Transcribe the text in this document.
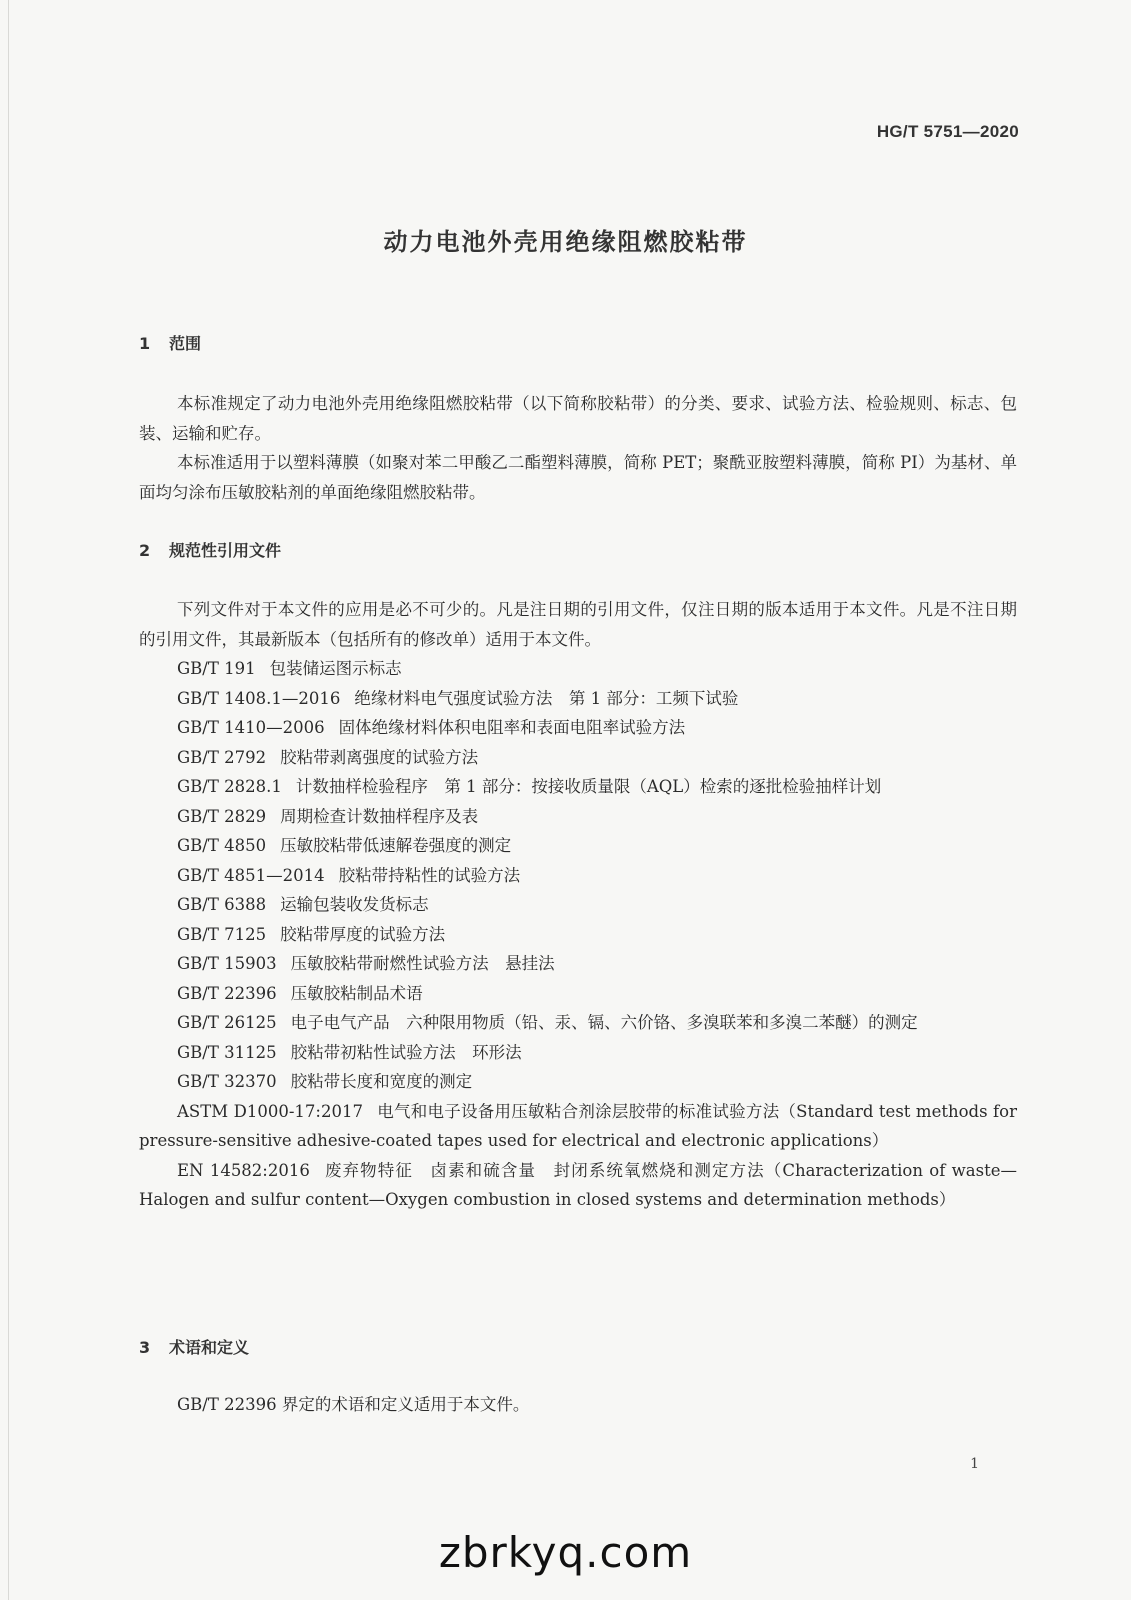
HG/T 5751—2020
动力电池外壳用绝缘阻燃胶粘带
1 范围

本标准规定了动力电池外壳用绝缘阻燃胶粘带（以下简称胶粘带）的分类、要求、试验方法、检验规则、标志、包装、运输和贮存。

本标准适用于以塑料薄膜（如聚对苯二甲酸乙二酯塑料薄膜，简称 PET；聚酰亚胺塑料薄膜，简称 PI）为基材、单面均匀涂布压敏胶粘剂的单面绝缘阻燃胶粘带。

2 规范性引用文件

下列文件对于本文件的应用是必不可少的。凡是注日期的引用文件，仅注日期的版本适用于本文件。凡是不注日期的引用文件，其最新版本（包括所有的修改单）适用于本文件。

GB/T 191 包装储运图示标志

GB/T 1408.1—2016 绝缘材料电气强度试验方法　第 1 部分：工频下试验

GB/T 1410—2006 固体绝缘材料体积电阻率和表面电阻率试验方法

GB/T 2792 胶粘带剥离强度的试验方法

GB/T 2828.1 计数抽样检验程序　第 1 部分：按接收质量限（AQL）检索的逐批检验抽样计划

GB/T 2829 周期检查计数抽样程序及表

GB/T 4850 压敏胶粘带低速解卷强度的测定

GB/T 4851—2014 胶粘带持粘性的试验方法

GB/T 6388 运输包装收发货标志

GB/T 7125 胶粘带厚度的试验方法

GB/T 15903 压敏胶粘带耐燃性试验方法　悬挂法

GB/T 22396 压敏胶粘制品术语

GB/T 26125 电子电气产品　六种限用物质（铅、汞、镉、六价铬、多溴联苯和多溴二苯醚）的测定

GB/T 31125 胶粘带初粘性试验方法　环形法

GB/T 32370 胶粘带长度和宽度的测定

ASTM D1000-17:2017 电气和电子设备用压敏粘合剂涂层胶带的标准试验方法（Standard test methods for pressure-sensitive adhesive-coated tapes used for electrical and electronic applications）

EN 14582:2016 废弃物特征　卤素和硫含量　封闭系统氧燃烧和测定方法（Characterization of waste—Halogen and sulfur content—Oxygen combustion in closed systems and determination methods）

3 术语和定义

GB/T 22396 界定的术语和定义适用于本文件。

1
zbrkyq.com
